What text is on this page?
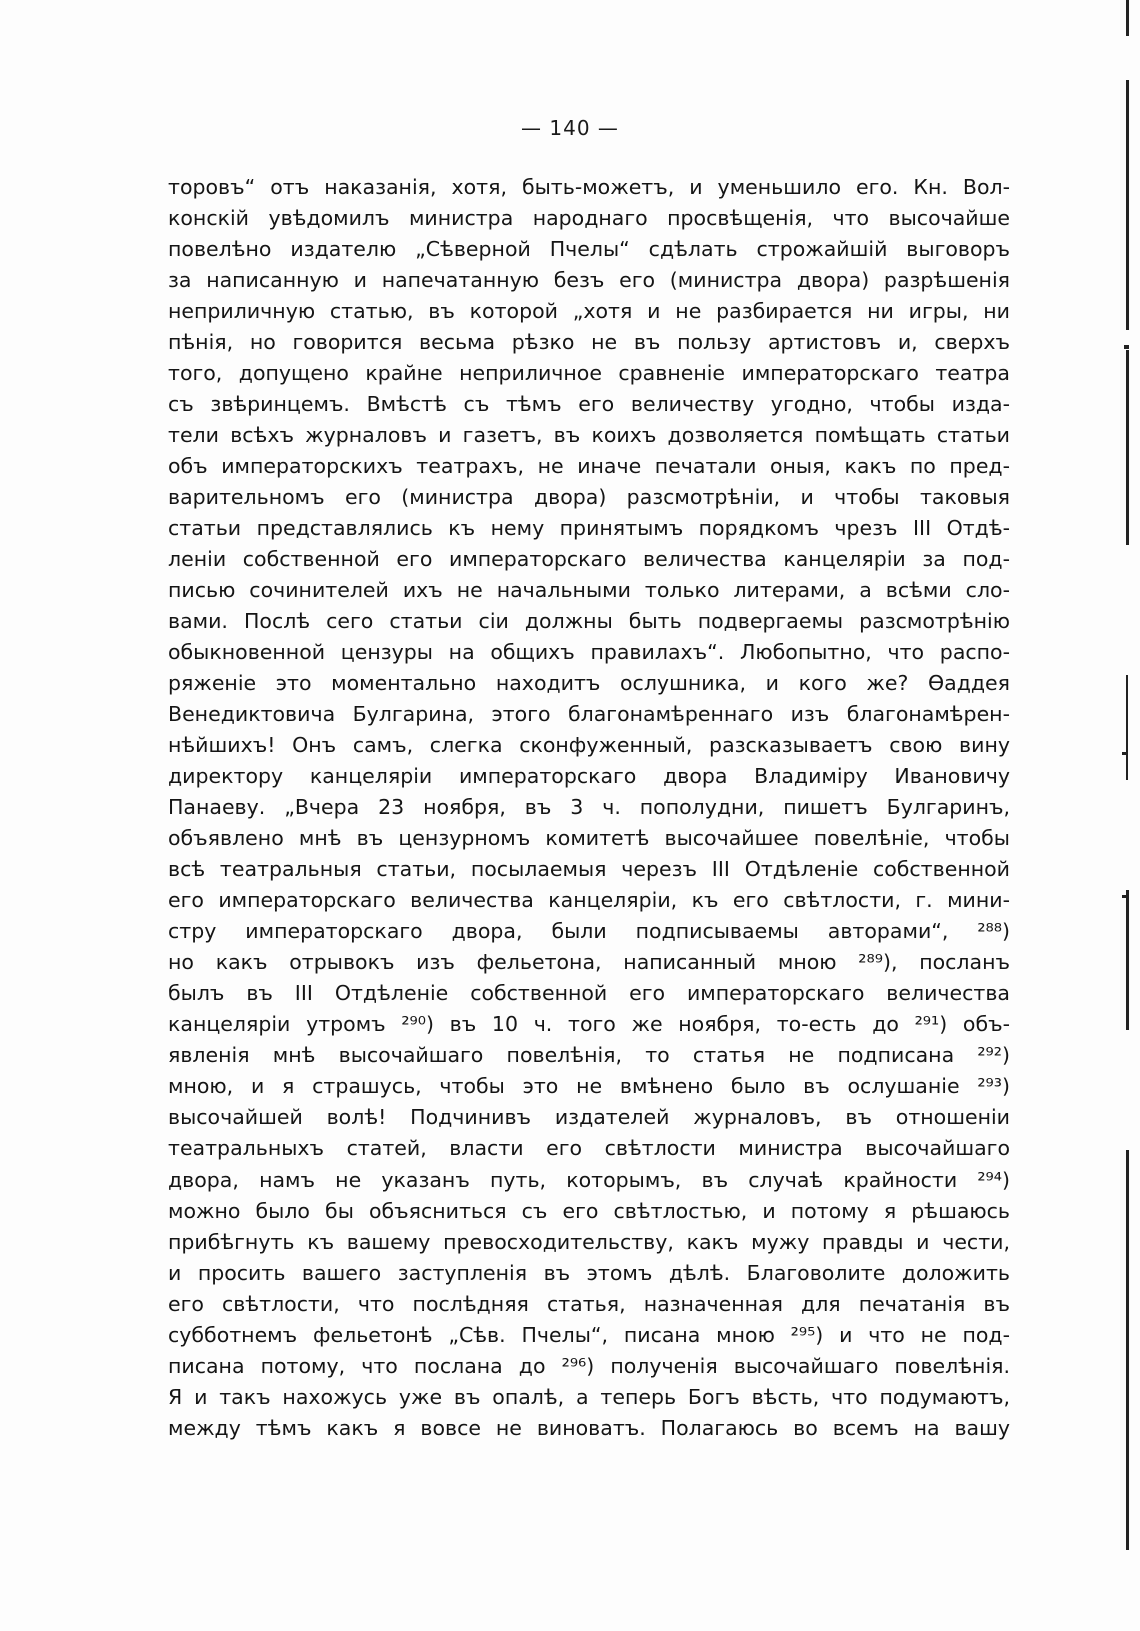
— 140 —
торовъ“ отъ наказанія, хотя, быть-можетъ, и уменьшило его. Кн. Вол-
конскій увѣдомилъ министра народнаго просвѣщенія, что высочайше
повелѣно издателю „Сѣверной Пчелы“ сдѣлать строжайшій выговоръ
за написанную и напечатанную безъ его (министра двора) разрѣшенія
неприличную статью, въ которой „хотя и не разбирается ни игры, ни
пѣнія, но говорится весьма рѣзко не въ пользу артистовъ и, сверхъ
того, допущено крайне неприличное сравненіе императорскаго театра
съ звѣринцемъ. Вмѣстѣ съ тѣмъ его величеству угодно, чтобы изда-
тели всѣхъ журналовъ и газетъ, въ коихъ дозволяется помѣщать статьи
объ императорскихъ театрахъ, не иначе печатали оныя, какъ по пред-
варительномъ его (министра двора) разсмотрѣніи, и чтобы таковыя
статьи представлялись къ нему принятымъ порядкомъ чрезъ III Отдѣ-
леніи собственной его императорскаго величества канцеляріи за под-
писью сочинителей ихъ не начальными только литерами, а всѣми сло-
вами. Послѣ сего статьи сіи должны быть подвергаемы разсмотрѣнію
обыкновенной цензуры на общихъ правилахъ“. Любопытно, что распо-
ряженіе это моментально находитъ ослушника, и кого же? Ѳаддея
Венедиктовича Булгарина, этого благонамѣреннаго изъ благонамѣрен-
нѣйшихъ! Онъ самъ, слегка сконфуженный, разсказываетъ свою вину
директору канцеляріи императорскаго двора Владиміру Ивановичу
Панаеву. „Вчера 23 ноября, въ 3 ч. пополудни, пишетъ Булгаринъ,
объявлено мнѣ въ цензурномъ комитетѣ высочайшее повелѣніе, чтобы
всѣ театральныя статьи, посылаемыя черезъ III Отдѣленіе собственной
его императорскаго величества канцеляріи, къ его свѣтлости, г. мини-
стру императорскаго двора, были подписываемы авторами“, ²⁸⁸)
но какъ отрывокъ изъ фельетона, написанный мною ²⁸⁹), посланъ
былъ въ III Отдѣленіе собственной его императорскаго величества
канцеляріи утромъ ²⁹⁰) въ 10 ч. того же ноября, то-есть до ²⁹¹) объ-
явленія мнѣ высочайшаго повелѣнія, то статья не подписана ²⁹²)
мною, и я страшусь, чтобы это не вмѣнено было въ ослушаніе ²⁹³)
высочайшей волѣ! Подчинивъ издателей журналовъ, въ отношеніи
театральныхъ статей, власти его свѣтлости министра высочайшаго
двора, намъ не указанъ путь, которымъ, въ случаѣ крайности ²⁹⁴)
можно было бы объясниться съ его свѣтлостью, и потому я рѣшаюсь
прибѣгнуть къ вашему превосходительству, какъ мужу правды и чести,
и просить вашего заступленія въ этомъ дѣлѣ. Благоволите доложить
его свѣтлости, что послѣдняя статья, назначенная для печатанія въ
субботнемъ фельетонѣ „Сѣв. Пчелы“, писана мною ²⁹⁵) и что не под-
писана потому, что послана до ²⁹⁶) полученія высочайшаго повелѣнія.
Я и такъ нахожусь уже въ опалѣ, а теперь Богъ вѣсть, что подумаютъ,
между тѣмъ какъ я вовсе не виноватъ. Полагаюсь во всемъ на вашу
